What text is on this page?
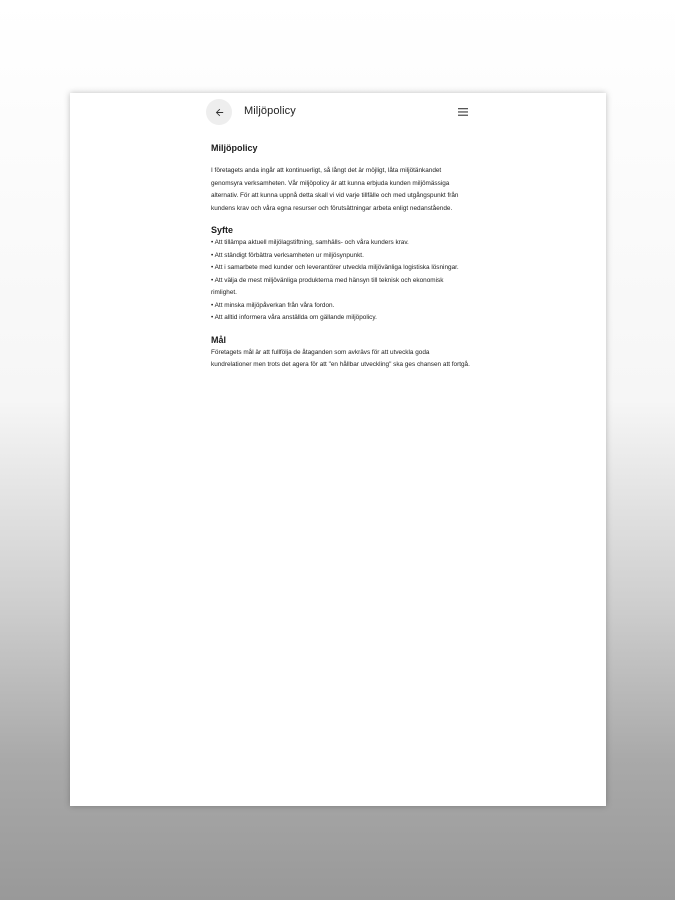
Miljöpolicy
Miljöpolicy

I företagets anda ingår att kontinuerligt, så långt det är möjligt, låta miljötänkandet genomsyra verksamheten. Vår miljöpolicy är att kunna erbjuda kunden miljömässiga alternativ. För att kunna uppnå detta skall vi vid varje tillfälle och med utgångspunkt från kundens krav och våra egna resurser och förutsättningar arbeta enligt nedanstående.

Syfte
• Att tillämpa aktuell miljölagstiftning, samhälls- och våra kunders krav.
• Att ständigt förbättra verksamheten ur miljösynpunkt.
• Att i samarbete med kunder och leverantörer utveckla miljövänliga logistiska lösningar.
• Att välja de mest miljövänliga produkterna med hänsyn till teknisk och ekonomisk rimlighet.
• Att minska miljöpåverkan från våra fordon.
• Att alltid informera våra anställda om gällande miljöpolicy.
Mål

Företagets mål är att fullfölja de åtaganden som avkrävs för att utveckla goda kundrelationer men trots det agera för att "en hållbar utveckling" ska ges chansen att fortgå.
